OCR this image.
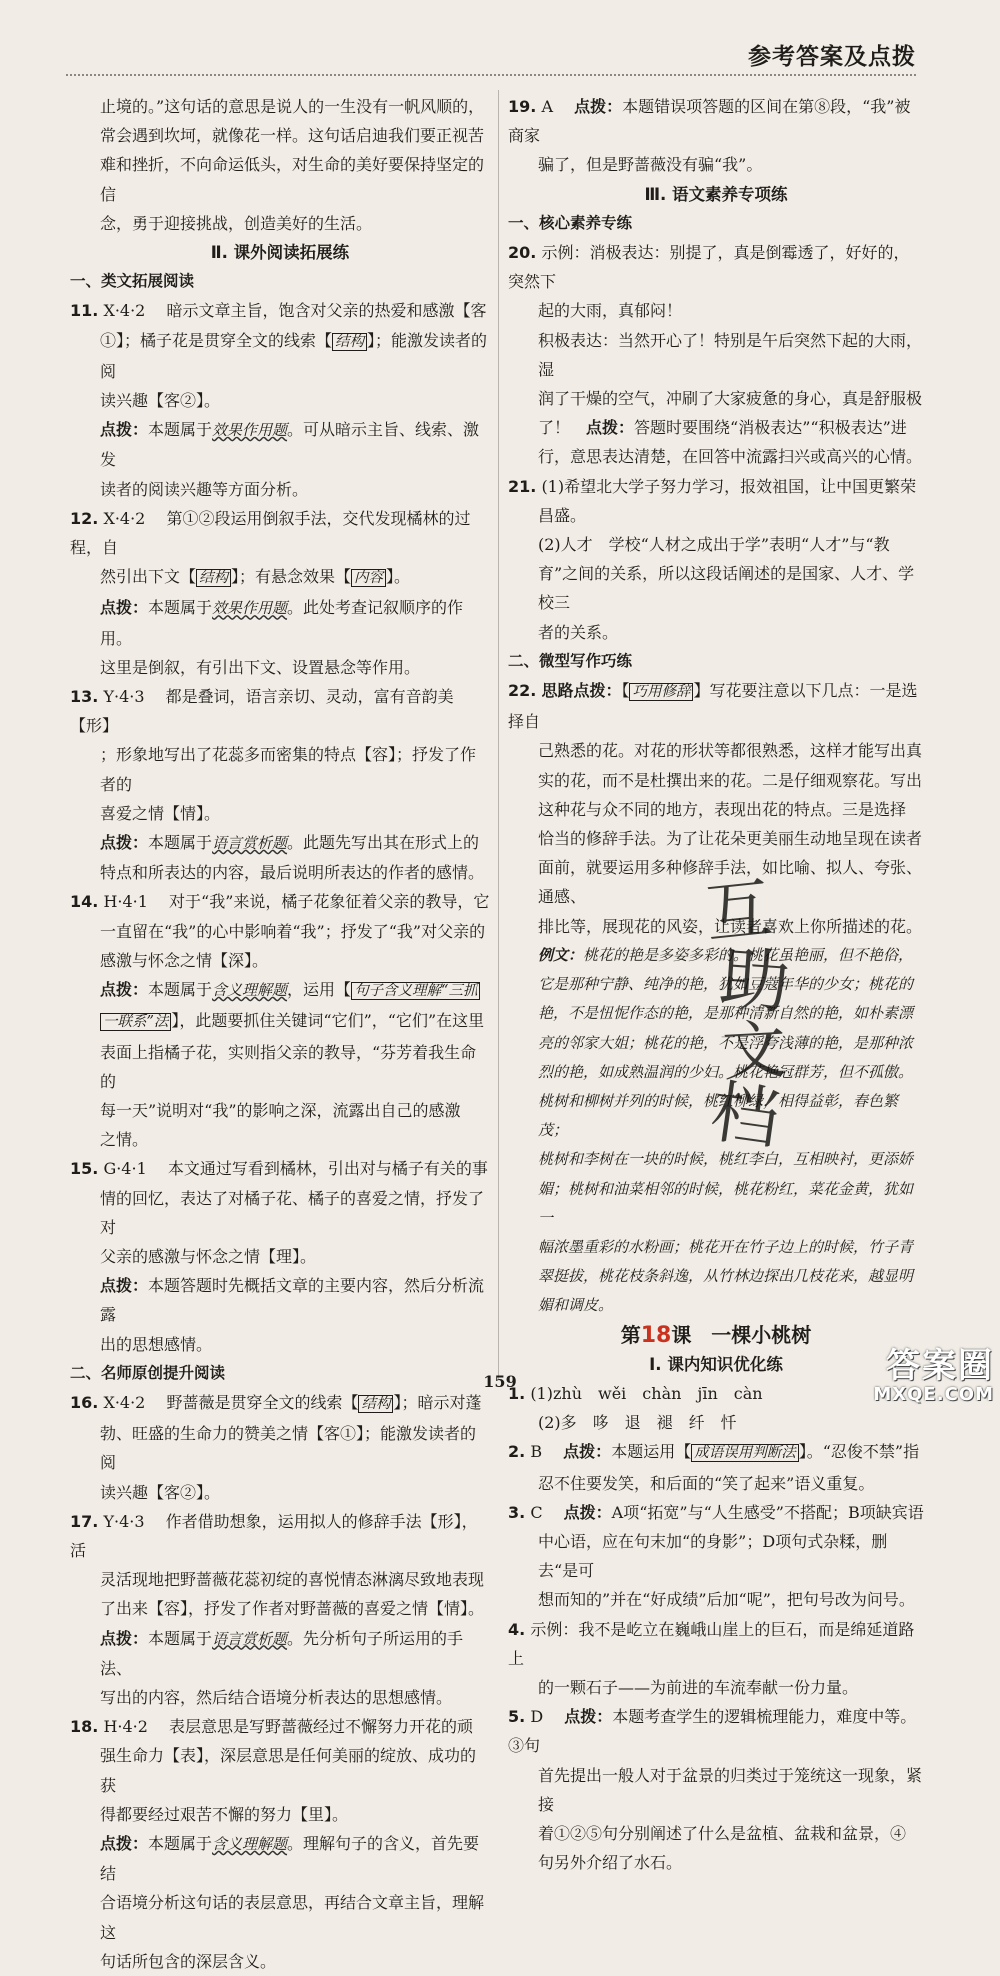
参考答案及点拨

止境的。”这句话的意思是说人的一生没有一帆风顺的，

常会遇到坎坷，就像花一样。这句话启迪我们要正视苦

难和挫折，不向命运低头，对生命的美好要保持坚定的信

念，勇于迎接挑战，创造美好的生活。

Ⅱ. 课外阅读拓展练

一、类文拓展阅读

11. X·4·2　 暗示文章主旨，饱含对父亲的热爱和感激【客

①】；橘子花是贯穿全文的线索【 结构 】；能激发读者的阅

读兴趣【客②】。

点拨：本题属于效果作用题。可从暗示主旨、线索、激发

读者的阅读兴趣等方面分析。

12. X·4·2　 第①②段运用倒叙手法，交代发现橘林的过程，自

然引出下文【 结构 】；有悬念效果【 内容 】。

点拨：本题属于效果作用题。此处考查记叙顺序的作用。

这里是倒叙，有引出下文、设置悬念等作用。

13. Y·4·3　 都是叠词，语言亲切、灵动，富有音韵美【形】

；形象地写出了花蕊多而密集的特点【容】；抒发了作者的

喜爱之情【情】。

点拨：本题属于语言赏析题。此题先写出其在形式上的

特点和所表达的内容，最后说明所表达的作者的感情。

14. H·4·1　 对于“我”来说，橘子花象征着父亲的教导，它

一直留在“我”的心中影响着“我”；抒发了“我”对父亲的

感激与怀念之情【深】。

点拨：本题属于含义理解题，运用【 句子含义理解“三抓

一联系”法 】，此题要抓住关键词“它们”，“它们”在这里

表面上指橘子花，实则指父亲的教导，“芬芳着我生命的

每一天”说明对“我”的影响之深，流露出自己的感激

之情。

15. G·4·1　 本文通过写看到橘林，引出对与橘子有关的事

情的回忆，表达了对橘子花、橘子的喜爱之情，抒发了对

父亲的感激与怀念之情【理】。

点拨：本题答题时先概括文章的主要内容，然后分析流露

出的思想感情。

二、名师原创提升阅读

16. X·4·2　 野蔷薇是贯穿全文的线索【 结构 】；暗示对蓬

勃、旺盛的生命力的赞美之情【客①】；能激发读者的阅

读兴趣【客②】。

17. Y·4·3　 作者借助想象，运用拟人的修辞手法【形】，活

灵活现地把野蔷薇花蕊初绽的喜悦情态淋漓尽致地表现

了出来【容】，抒发了作者对野蔷薇的喜爱之情【情】。

点拨：本题属于语言赏析题。先分析句子所运用的手法、

写出的内容，然后结合语境分析表达的思想感情。

18. H·4·2　 表层意思是写野蔷薇经过不懈努力开花的顽

强生命力【表】，深层意思是任何美丽的绽放、成功的获

得都要经过艰苦不懈的努力【里】。

点拨：本题属于含义理解题。理解句子的含义，首先要结

合语境分析这句话的表层意思，再结合文章主旨，理解这

句话所包含的深层含义。

19. A　 点拨：本题错误项答题的区间在第⑧段，“我”被商家

骗了，但是野蔷薇没有骗“我”。

Ⅲ. 语文素养专项练

一、核心素养专练

20. 示例：消极表达：别提了，真是倒霉透了，好好的，突然下

起的大雨，真郁闷！

积极表达：当然开心了！特别是午后突然下起的大雨，湿

润了干燥的空气，冲刷了大家疲惫的身心，真是舒服极

了！　 点拨：答题时要围绕“消极表达”“积极表达”进

行，意思表达清楚，在回答中流露扫兴或高兴的心情。

21. (1)希望北大学子努力学习，报效祖国，让中国更繁荣

昌盛。

(2)人才　学校“人材之成出于学”表明“人才”与“教

育”之间的关系，所以这段话阐述的是国家、人才、学校三

者的关系。

二、微型写作巧练

22. 思路点拨：【 巧用修辞 】写花要注意以下几点：一是选择自

己熟悉的花。对花的形状等都很熟悉，这样才能写出真

实的花，而不是杜撰出来的花。二是仔细观察花。写出

这种花与众不同的地方，表现出花的特点。三是选择

恰当的修辞手法。为了让花朵更美丽生动地呈现在读者

面前，就要运用多种修辞手法，如比喻、拟人、夸张、通感、

排比等，展现花的风姿，让读者喜欢上你所描述的花。

例文：桃花的艳是多姿多彩的。桃花虽艳丽，但不艳俗，

它是那种宁静、纯净的艳，犹如豆蔻年华的少女；桃花的

艳，不是忸怩作态的艳，是那种清新自然的艳，如朴素漂

亮的邻家大姐；桃花的艳，不是浮夸浅薄的艳，是那种浓

烈的艳，如成熟温润的少妇。桃花艳冠群芳，但不孤傲。

桃树和柳树并列的时候，桃红柳绿，相得益彰，春色繁茂；

桃树和李树在一块的时候，桃红李白，互相映衬，更添娇

媚；桃树和油菜相邻的时候，桃花粉红，菜花金黄，犹如一

幅浓墨重彩的水粉画；桃花开在竹子边上的时候，竹子青

翠挺拔，桃花枝条斜逸，从竹林边探出几枝花来，越显明

媚和调皮。

第18课　一棵小桃树

Ⅰ. 课内知识优化练

1. (1)zhù　wěi　chàn　jīn　càn

(2)多　哆　退　褪　纤　忏

2. B　 点拨：本题运用【 成语误用判断法 】。“忍俊不禁”指

忍不住要发笑，和后面的“笑了起来”语义重复。

3. C　 点拨：A项“拓宽”与“人生感受”不搭配；B项缺宾语

中心语，应在句末加“的身影”；D项句式杂糅，删去“是可

想而知的”并在“好成绩”后加“呢”，把句号改为问号。

4. 示例：我不是屹立在巍峨山崖上的巨石，而是绵延道路上

的一颗石子——为前进的车流奉献一份力量。

5. D　 点拨：本题考查学生的逻辑梳理能力，难度中等。③句

首先提出一般人对于盆景的归类过于笼统这一现象，紧接

着①②⑤句分别阐述了什么是盆植、盆栽和盆景，④

句另外介绍了水石。

互
助
文
档
159	答案圈
MXQE.COM
